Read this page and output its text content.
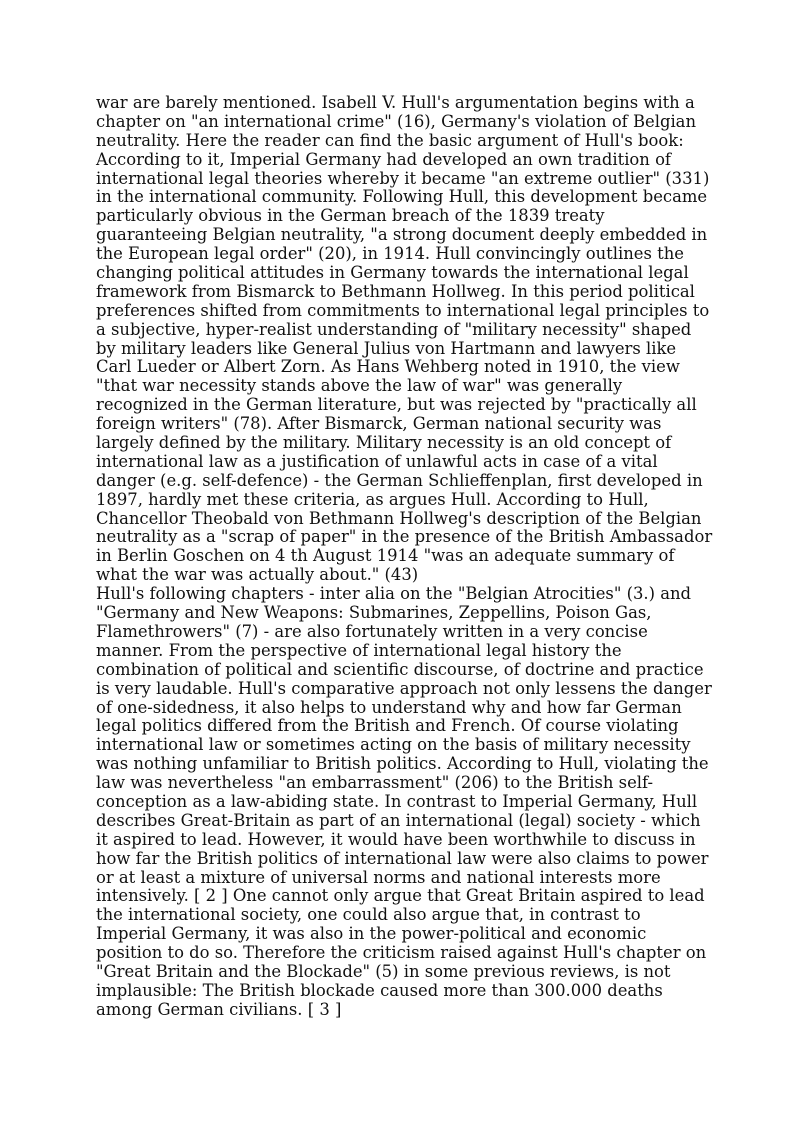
war are barely mentioned. Isabell V. Hull's argumentation begins with a
chapter on "an international crime" (16), Germany's violation of Belgian
neutrality. Here the reader can find the basic argument of Hull's book:
According to it, Imperial Germany had developed an own tradition of
international legal theories whereby it became "an extreme outlier" (331)
in the international community. Following Hull, this development became
particularly obvious in the German breach of the 1839 treaty
guaranteeing Belgian neutrality, "a strong document deeply embedded in
the European legal order" (20), in 1914. Hull convincingly outlines the
changing political attitudes in Germany towards the international legal
framework from Bismarck to Bethmann Hollweg. In this period political
preferences shifted from commitments to international legal principles to
a subjective, hyper-realist understanding of "military necessity" shaped
by military leaders like General Julius von Hartmann and lawyers like
Carl Lueder or Albert Zorn. As Hans Wehberg noted in 1910, the view
"that war necessity stands above the law of war" was generally
recognized in the German literature, but was rejected by "practically all
foreign writers" (78). After Bismarck, German national security was
largely defined by the military. Military necessity is an old concept of
international law as a justification of unlawful acts in case of a vital
danger (e.g. self-defence) - the German Schlieffenplan, first developed in
1897, hardly met these criteria, as argues Hull. According to Hull,
Chancellor Theobald von Bethmann Hollweg's description of the Belgian
neutrality as a "scrap of paper" in the presence of the British Ambassador
in Berlin Goschen on 4 th August 1914 "was an adequate summary of
what the war was actually about." (43)
Hull's following chapters - inter alia on the "Belgian Atrocities" (3.) and
"Germany and New Weapons: Submarines, Zeppellins, Poison Gas,
Flamethrowers" (7) - are also fortunately written in a very concise
manner. From the perspective of international legal history the
combination of political and scientific discourse, of doctrine and practice
is very laudable. Hull's comparative approach not only lessens the danger
of one-sidedness, it also helps to understand why and how far German
legal politics differed from the British and French. Of course violating
international law or sometimes acting on the basis of military necessity
was nothing unfamiliar to British politics. According to Hull, violating the
law was nevertheless "an embarrassment" (206) to the British self-
conception as a law-abiding state. In contrast to Imperial Germany, Hull
describes Great-Britain as part of an international (legal) society - which
it aspired to lead. However, it would have been worthwhile to discuss in
how far the British politics of international law were also claims to power
or at least a mixture of universal norms and national interests more
intensively. [ 2 ] One cannot only argue that Great Britain aspired to lead
the international society, one could also argue that, in contrast to
Imperial Germany, it was also in the power-political and economic
position to do so. Therefore the criticism raised against Hull's chapter on
"Great Britain and the Blockade" (5) in some previous reviews, is not
implausible: The British blockade caused more than 300.000 deaths
among German civilians. [ 3 ]
